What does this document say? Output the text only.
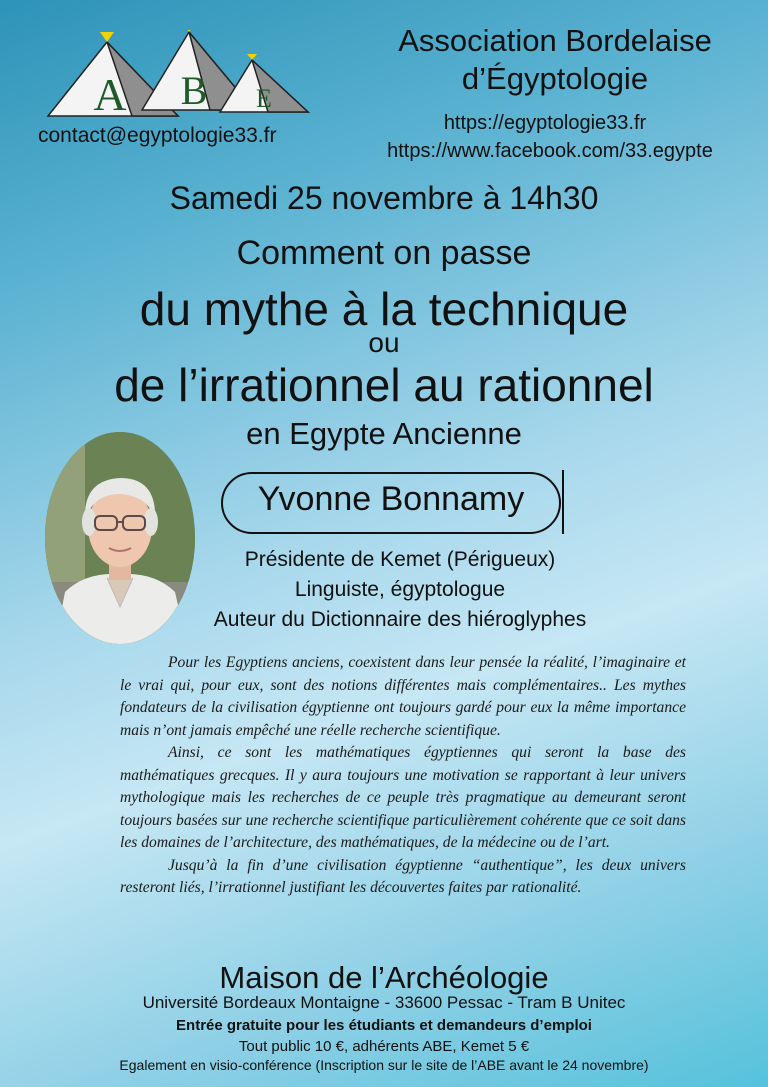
A B E
contact@egyptologie33.fr
Association Bordelaise
d’Égyptologie
https://egyptologie33.fr
https://www.facebook.com/33.egypte
Samedi 25 novembre à 14h30
Comment on passe
du mythe à la technique
ou
de l’irrationnel au rationnel
en Egypte Ancienne
Yvonne Bonnamy
Présidente de Kemet (Périgueux)
Linguiste, égyptologue
Auteur du Dictionnaire des hiéroglyphes

Pour les Egyptiens anciens, coexistent dans leur pensée la réalité, l’imaginaire et le vrai qui, pour eux, sont des notions différentes mais complémentaires.. Les mythes fondateurs de la civilisation égyptienne ont toujours gardé pour eux la même importance mais n’ont jamais empêché une réelle recherche scientifique.

Ainsi, ce sont les mathématiques égyptiennes qui seront la base des mathématiques grecques. Il y aura toujours une motivation se rapportant à leur univers mythologique mais les recherches de ce peuple très pragmatique au demeurant seront toujours basées sur une recherche scientifique particulièrement cohérente que ce soit dans les domaines de l’architecture, des mathématiques, de la médecine ou de l’art.

Jusqu’à la fin d’une civilisation égyptienne “authentique”, les deux univers resteront liés, l’irrationnel justifiant les découvertes faites par rationalité.

Maison de l’Archéologie
Université Bordeaux Montaigne - 33600 Pessac - Tram B Unitec
Entrée gratuite pour les étudiants et demandeurs d’emploi
Tout public 10 €, adhérents ABE, Kemet 5 €
Egalement en visio-conférence (Inscription sur le site de l’ABE avant le 24 novembre)
